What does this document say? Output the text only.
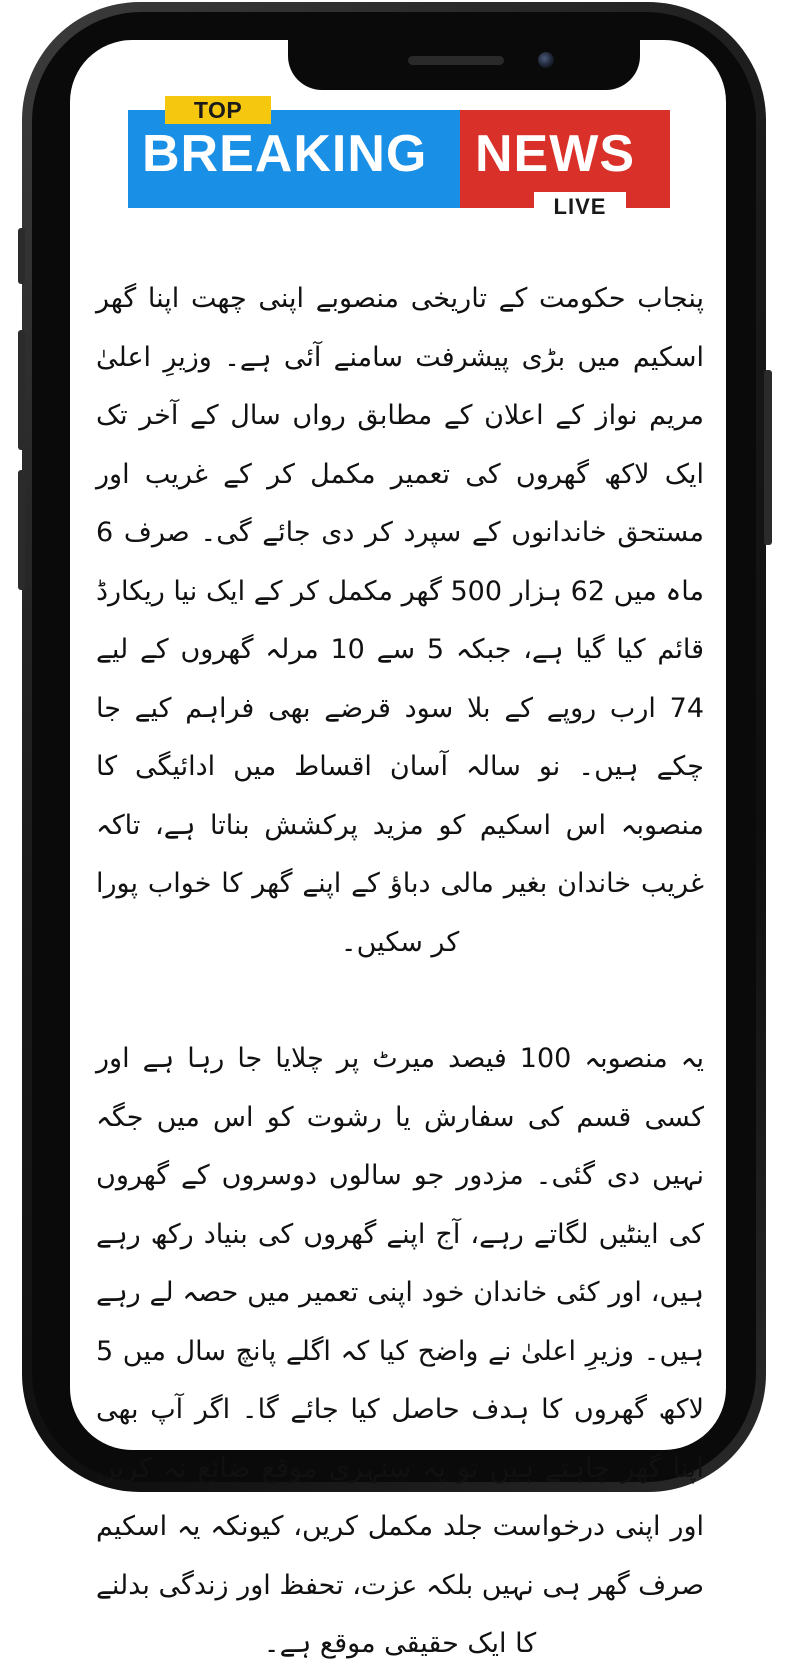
TOP
BREAKING NEWS
LIVE

پنجاب حکومت کے تاریخی منصوبے اپنی چھت اپنا گھر اسکیم میں بڑی پیشرفت سامنے آئی ہے۔ وزیرِ اعلیٰ مریم نواز کے اعلان کے مطابق رواں سال کے آخر تک ایک لاکھ گھروں کی تعمیر مکمل کر کے غریب اور مستحق خاندانوں کے سپرد کر دی جائے گی۔ صرف 6 ماہ میں 62 ہزار 500 گھر مکمل کر کے ایک نیا ریکارڈ قائم کیا گیا ہے، جبکہ 5 سے 10 مرلہ گھروں کے لیے 74 ارب روپے کے بلا سود قرضے بھی فراہم کیے جا چکے ہیں۔ نو سالہ آسان اقساط میں ادائیگی کا منصوبہ اس اسکیم کو مزید پرکشش بناتا ہے، تاکہ غریب خاندان بغیر مالی دباؤ کے اپنے گھر کا خواب پورا کر سکیں۔

یہ منصوبہ 100 فیصد میرٹ پر چلایا جا رہا ہے اور کسی قسم کی سفارش یا رشوت کو اس میں جگہ نہیں دی گئی۔ مزدور جو سالوں دوسروں کے گھروں کی اینٹیں لگاتے رہے، آج اپنے گھروں کی بنیاد رکھ رہے ہیں، اور کئی خاندان خود اپنی تعمیر میں حصہ لے رہے ہیں۔ وزیرِ اعلیٰ نے واضح کیا کہ اگلے پانچ سال میں 5 لاکھ گھروں کا ہدف حاصل کیا جائے گا۔ اگر آپ بھی اپنا گھر چاہتے ہیں تو یہ سنہری موقع ضائع نہ کریں اور اپنی درخواست جلد مکمل کریں، کیونکہ یہ اسکیم صرف گھر ہی نہیں بلکہ عزت، تحفظ اور زندگی بدلنے کا ایک حقیقی موقع ہے۔
